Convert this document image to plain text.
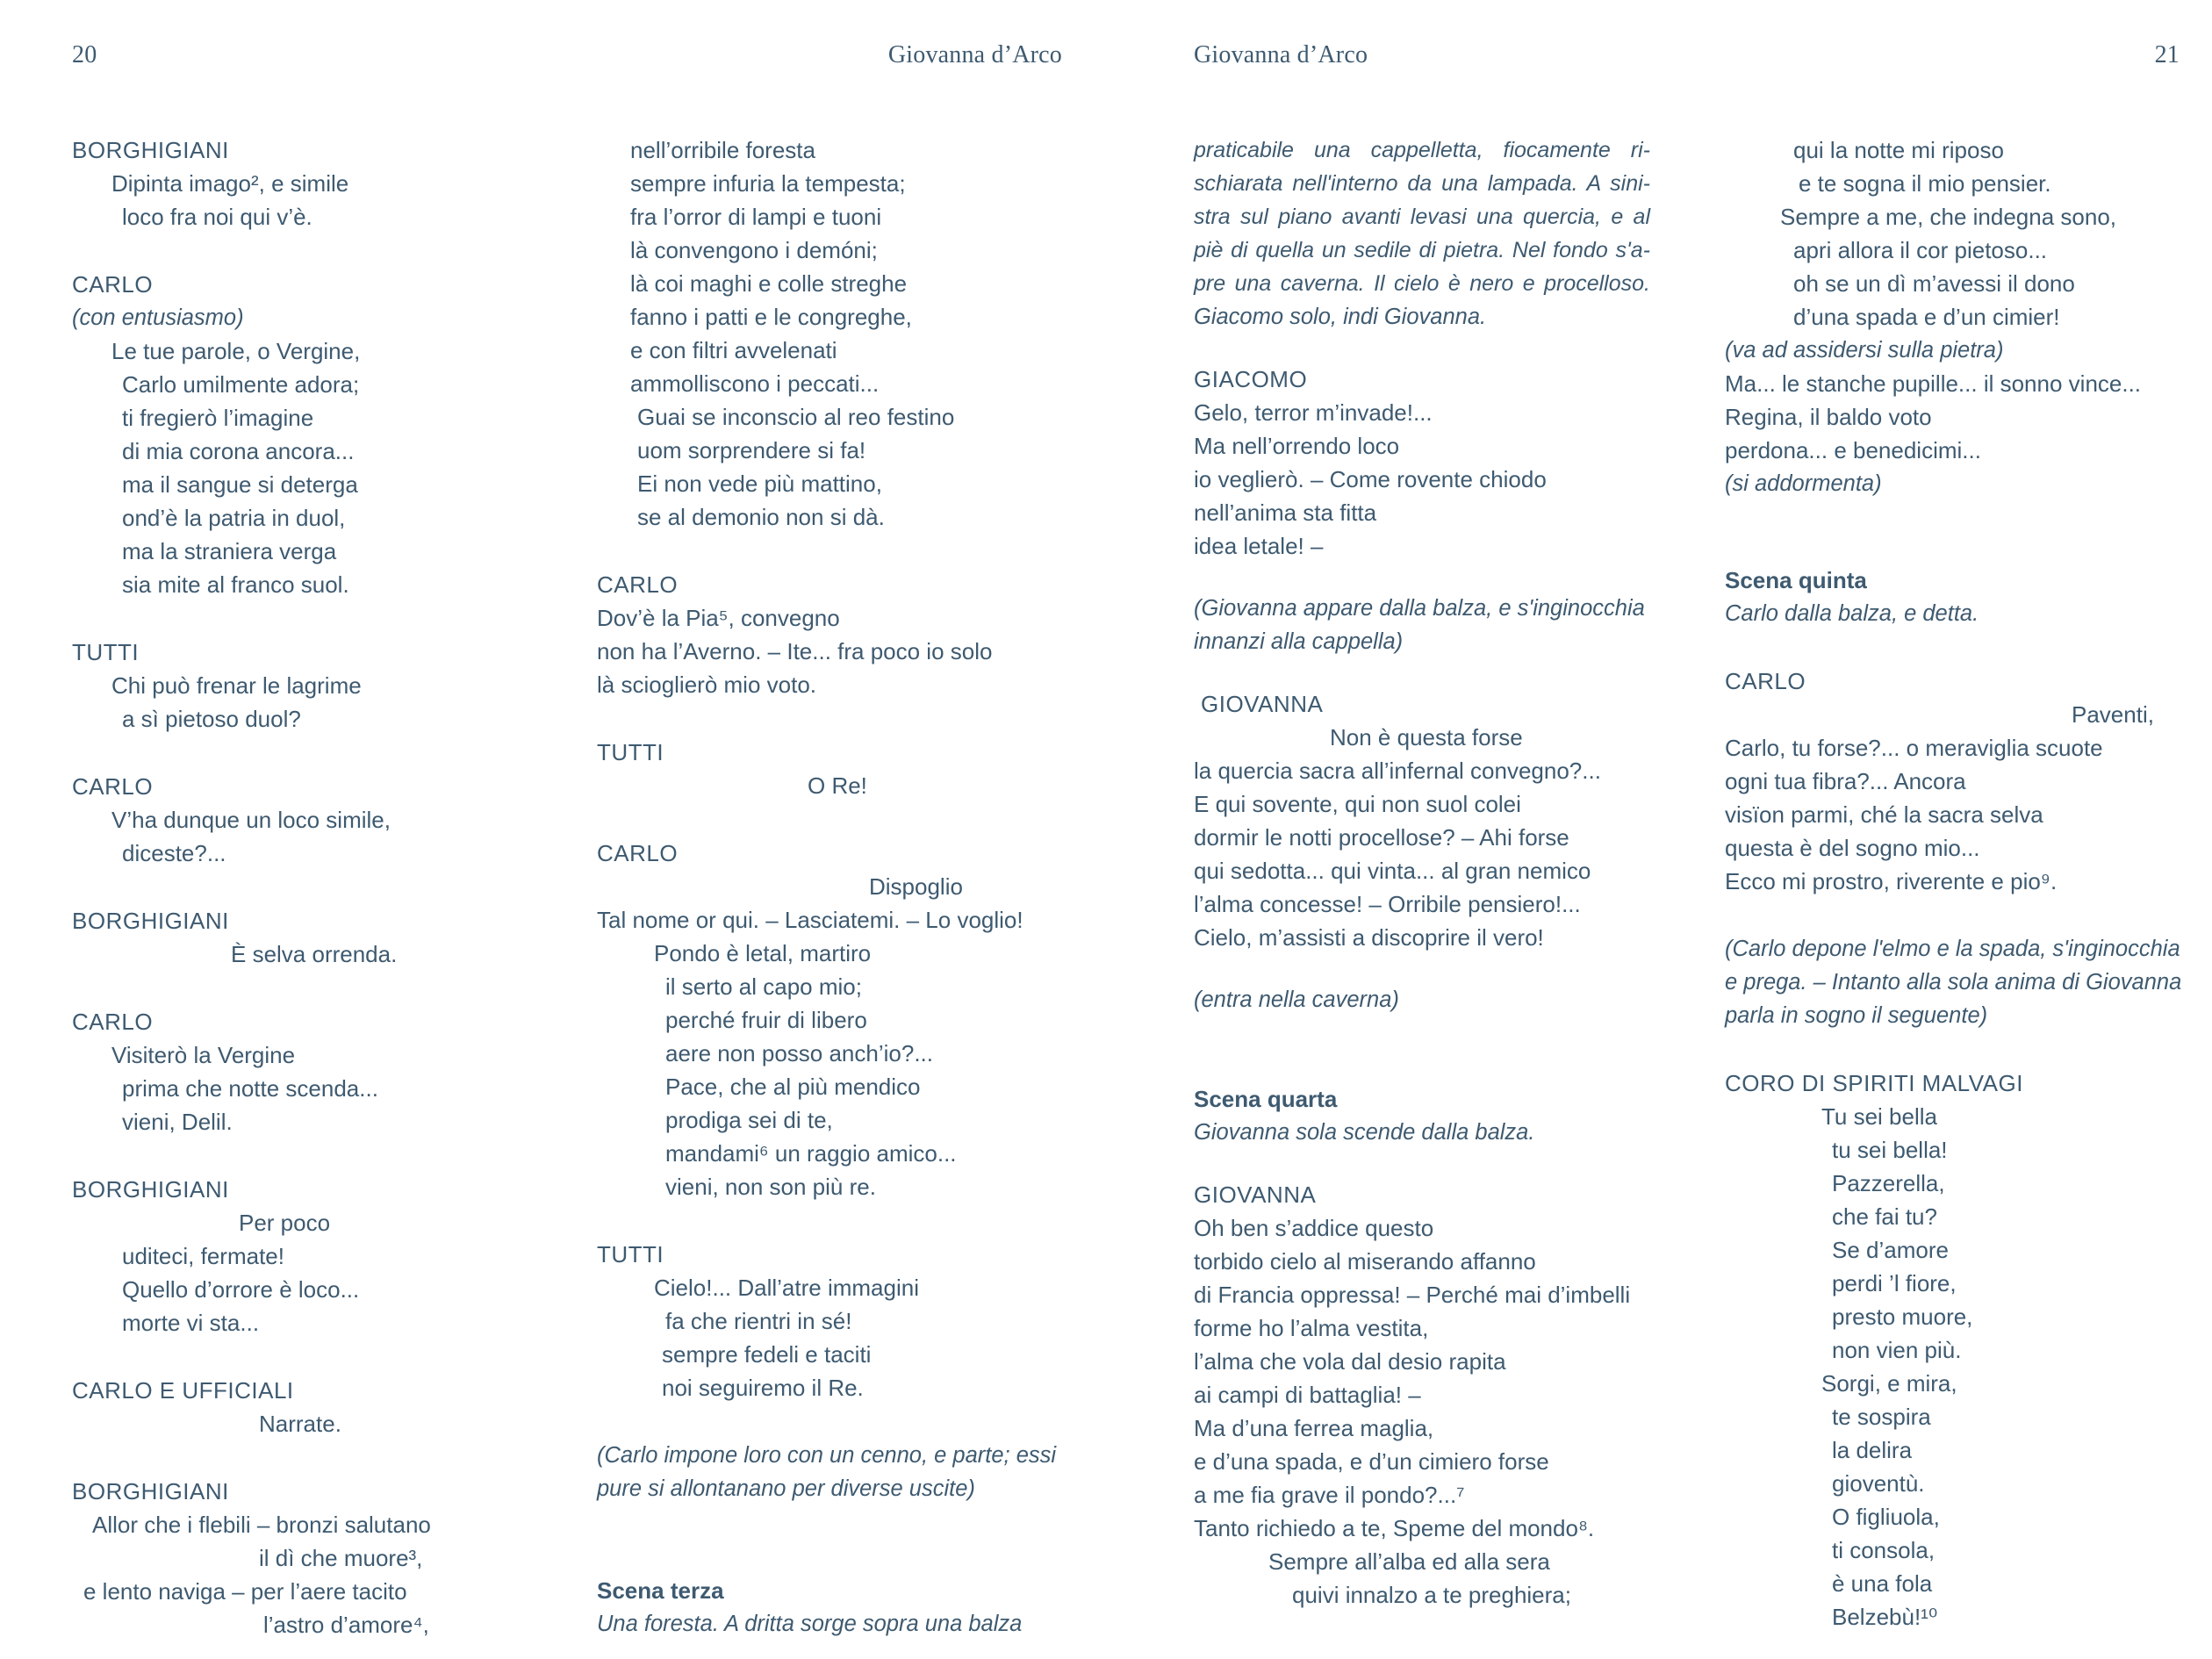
20	Giovanna d’Arco	Giovanna d’Arco	21
BORGHIGIANI
Dipinta imago², e simile
loco fra noi qui v’è.
CARLO
(con entusiasmo)
Le tue parole, o Vergine,
Carlo umilmente adora;
ti fregierò l’imagine
di mia corona ancora...
ma il sangue si deterga
ond’è la patria in duol,
ma la straniera verga
sia mite al franco suol.
TUTTI
Chi può frenar le lagrime
a sì pietoso duol?
CARLO
V’ha dunque un loco simile,
diceste?...
BORGHIGIANI
È selva orrenda.
CARLO
Visiterò la Vergine
prima che notte scenda...
vieni, Delil.
BORGHIGIANI
Per poco
uditeci, fermate!
Quello d’orrore è loco...
morte vi sta...
CARLO E UFFICIALI
Narrate.
BORGHIGIANI
Allor che i flebili – bronzi salutano
il dì che muore³,
e lento naviga – per l’aere tacito
l’astro d’amore⁴,
nell’orribile foresta
sempre infuria la tempesta;
fra l’orror di lampi e tuoni
là convengono i demóni;
là coi maghi e colle streghe
fanno i patti e le congreghe,
e con filtri avvelenati
ammolliscono i peccati...
Guai se inconscio al reo festino
uom sorprendere si fa!
Ei non vede più mattino,
se al demonio non si dà.
CARLO
Dov’è la Pia⁵, convegno
non ha l’Averno. – Ite... fra poco io solo
là scioglierò mio voto.
TUTTI
O Re!
CARLO
Dispoglio
Tal nome or qui. – Lasciatemi. – Lo voglio!
Pondo è letal, martiro
il serto al capo mio;
perché fruir di libero
aere non posso anch’io?...
Pace, che al più mendico
prodiga sei di te,
mandami⁶ un raggio amico...
vieni, non son più re.
TUTTI
Cielo!... Dall’atre immagini
fa che rientri in sé!
sempre fedeli e taciti
noi seguiremo il Re.
(Carlo impone loro con un cenno, e parte; essi
pure si allontanano per diverse uscite)
Scena terza
Una foresta. A dritta sorge sopra una balza
praticabile una cappelletta, fiocamente ri-
schiarata nell'interno da una lampada. A sini-
stra sul piano avanti levasi una quercia, e al
piè di quella un sedile di pietra. Nel fondo s'a-
pre una caverna. Il cielo è nero e procelloso.
Giacomo solo, indi Giovanna.
GIACOMO
Gelo, terror m’invade!...
Ma nell’orrendo loco
io veglierò. – Come rovente chiodo
nell’anima sta fitta
idea letale! –
(Giovanna appare dalla balza, e s'inginocchia
innanzi alla cappella)
GIOVANNA
Non è questa forse
la quercia sacra all’infernal convegno?...
E qui sovente, qui non suol colei
dormir le notti procellose? – Ahi forse
qui sedotta... qui vinta... al gran nemico
l’alma concesse! – Orribile pensiero!...
Cielo, m’assisti a discoprire il vero!
(entra nella caverna)
Scena quarta
Giovanna sola scende dalla balza.
GIOVANNA
Oh ben s’addice questo
torbido cielo al miserando affanno
di Francia oppressa! – Perché mai d’imbelli
forme ho l’alma vestita,
l’alma che vola dal desio rapita
ai campi di battaglia! –
Ma d’una ferrea maglia,
e d’una spada, e d’un cimiero forse
a me fia grave il pondo?...⁷
Tanto richiedo a te, Speme del mondo⁸.
Sempre all’alba ed alla sera
quivi innalzo a te preghiera;
qui la notte mi riposo
e te sogna il mio pensier.
Sempre a me, che indegna sono,
apri allora il cor pietoso...
oh se un dì m’avessi il dono
d’una spada e d’un cimier!
(va ad assidersi sulla pietra)
Ma... le stanche pupille... il sonno vince...
Regina, il baldo voto
perdona... e benedicimi...
(si addormenta)
Scena quinta
Carlo dalla balza, e detta.
CARLO
Paventi,
Carlo, tu forse?... o meraviglia scuote
ogni tua fibra?... Ancora
visïon parmi, ché la sacra selva
questa è del sogno mio...
Ecco mi prostro, riverente e pio⁹.
(Carlo depone l'elmo e la spada, s'inginocchia
e prega. – Intanto alla sola anima di Giovanna
parla in sogno il seguente)
CORO DI SPIRITI MALVAGI
Tu sei bella
tu sei bella!
Pazzerella,
che fai tu?
Se d’amore
perdi ’l fiore,
presto muore,
non vien più.
Sorgi, e mira,
te sospira
la delira
gioventù.
O figliuola,
ti consola,
è una fola
Belzebù!¹⁰
